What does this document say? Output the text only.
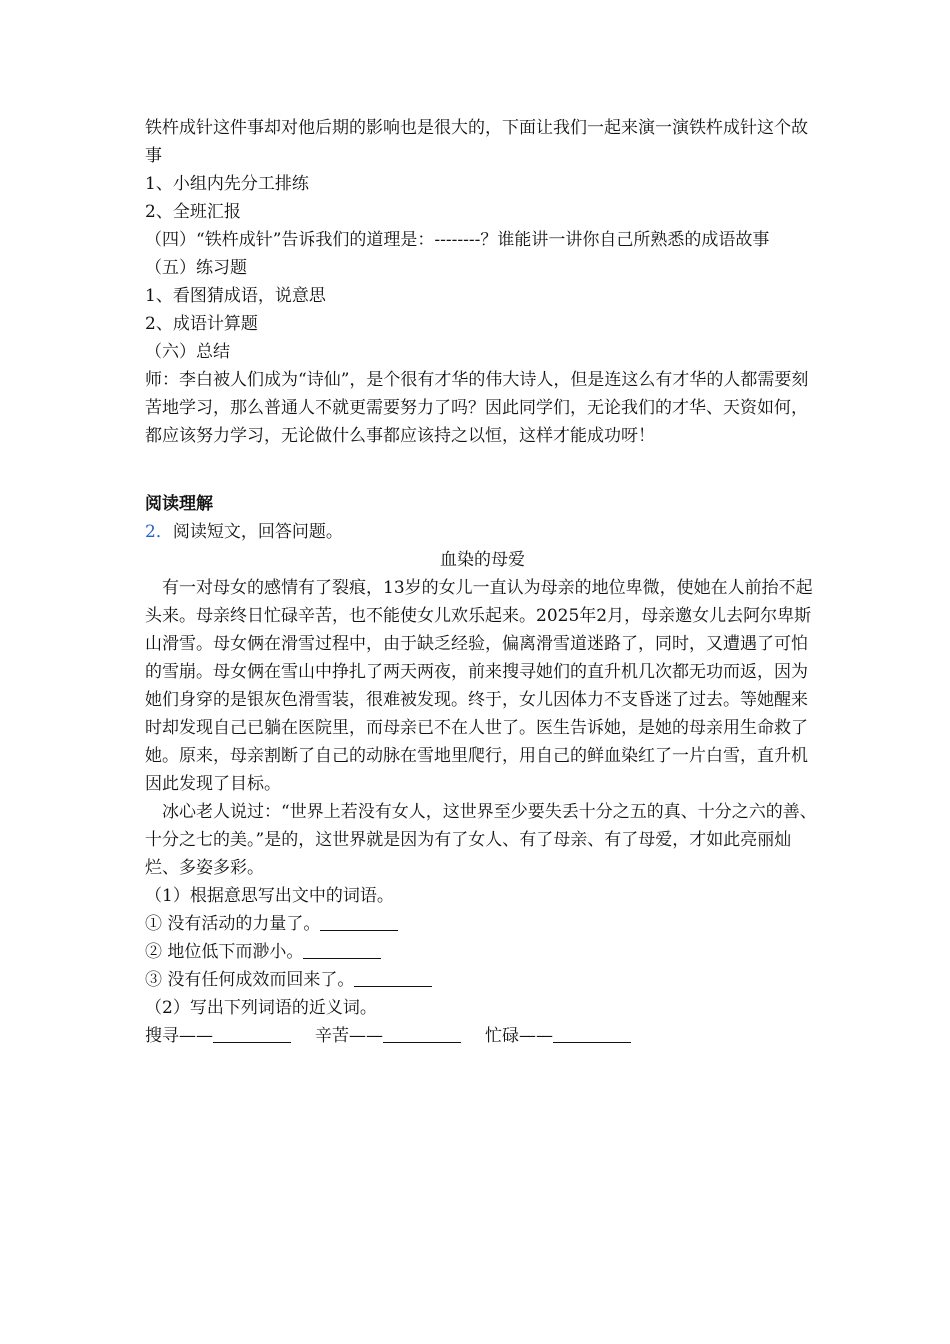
铁杵成针这件事却对他后期的影响也是很大的，下面让我们一起来演一演铁杵成针这个故事

1、小组内先分工排练

2、全班汇报

（四）“铁杵成针”告诉我们的道理是：--------？谁能讲一讲你自己所熟悉的成语故事

（五）练习题

1、看图猜成语，说意思

2、成语计算题

（六）总结

师：李白被人们成为“诗仙”，是个很有才华的伟大诗人，但是连这么有才华的人都需要刻苦地学习，那么普通人不就更需要努力了吗？因此同学们，无论我们的才华、天资如何，都应该努力学习，无论做什么事都应该持之以恒，这样才能成功呀！

阅读理解

2．阅读短文，回答问题。

血染的母爱

有一对母女的感情有了裂痕，13岁的女儿一直认为母亲的地位卑微，使她在人前抬不起头来。母亲终日忙碌辛苦，也不能使女儿欢乐起来。2025年2月，母亲邀女儿去阿尔卑斯山滑雪。母女俩在滑雪过程中，由于缺乏经验，偏离滑雪道迷路了，同时，又遭遇了可怕的雪崩。母女俩在雪山中挣扎了两天两夜，前来搜寻她们的直升机几次都无功而返，因为她们身穿的是银灰色滑雪装，很难被发现。终于，女儿因体力不支昏迷了过去。等她醒来时却发现自己已躺在医院里，而母亲已不在人世了。医生告诉她，是她的母亲用生命救了她。原来，母亲割断了自己的动脉在雪地里爬行，用自己的鲜血染红了一片白雪，直升机因此发现了目标。

冰心老人说过：“世界上若没有女人，这世界至少要失丢十分之五的真、十分之六的善、十分之七的美。”是的，这世界就是因为有了女人、有了母亲、有了母爱，才如此亮丽灿烂、多姿多彩。

（1）根据意思写出文中的词语。

① 没有活动的力量了。

② 地位低下而渺小。

③ 没有任何成效而回来了。

（2）写出下列词语的近义词。

搜寻——	辛苦——	忙碌——
